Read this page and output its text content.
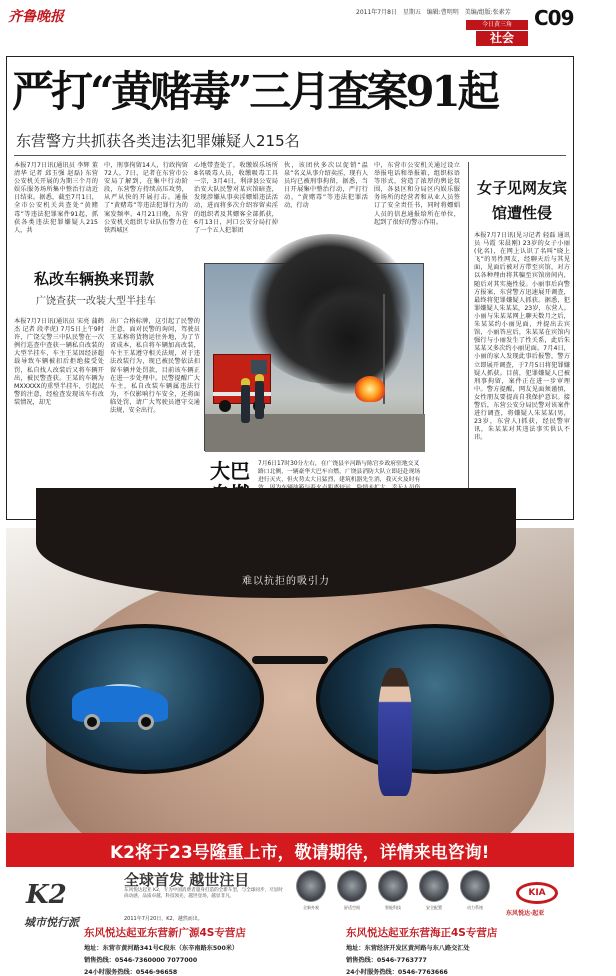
齐鲁晚报	2011年7月8日 星期五 编辑:曹明明 美编/组版:张素芳
今日黄三角
社会
C09
严打“黄赌毒”三月查案91起
东营警方共抓获各类违法犯罪嫌疑人215名
本报7月7日讯(通讯员 李辉 董清华 记者 邱玉强 赵磊) 东营公安机关开展的为期三个月的娱乐服务场所集中整治行动近日结束。据悉，截至7月1日，全市公安机关共查处“黄赌毒”等违法犯罪案件91起，抓获各类违法犯罪嫌疑人215人，共
中，刑事拘留14人，行政拘留72人。7日，记者在东营市公安局了解到，在集中行动阶段，东营警方持续高压攻势，从严从快的开展打击。通报了“黄赌毒”等违法犯罪行为的案发频率，4月21日晚，东营公安机关组织专业队伍警力在铁西城区
心地带查处了，收缴娱乐场所8名吸毒人员，收缴吸毒工具一宗，3月4日，利津县公安局治安大队民警对某宾馆暗查，发现涉嫌从事卖淫嫖娼违法活动，进而将多次介绍容留卖淫的组织者及其嫖客全部抓获，6月13日，河口公安分局打掉了一个五人犯罪团
伙，该团伙多次以促销“温泉”名义从事介绍卖淫，现有人员均已被刑事拘留，据悉，当日开展集中整治行动，严打行动，“黄赌毒”等违法犯罪活动，行动
中，东营市公安机关通过设立举报电话和举报箱，组织标语等形式，营造了浓厚的舆论氛围，各县区和分局区内娱乐服务场所的经营者和从业人员签订了安全责任书，同时将嫖娼人员的信息通报给所在单位，起到了很好的警示作用。
私改车辆换来罚款
广饶查获一改装大型半挂车
本报7月7日讯(通讯员 宋亮 蒲鹤杰 记者 段孝虎) 7月5日上午9时许，广饶交警三中队民警在一次例行巡查中查获一辆私自改装的大型半挂车，车主王某因经济超载导致车辆被扣后拒绝接受处罚，私自找人改装后又将车辆开出，被民警查获。王某的车辆为MXXXXX的重型半挂车，引起民警的注意，经检查发现该车有改装情况，却无
出厂合格标牌，这引起了民警的注意，面对民警的询问，驾驶员王某称将货物运往外地，为了节省成本，私自将车辆加高改装，车主王某遵守相关法规，对于违法改装行为，现已被民警依法扣留车辆并处罚款，目前该车辆正在进一步处理中。民警提醒广大车主，私自改装车辆属违法行为，不仅影响行车安全，还将面临处罚，请广大驾驶员遵守交通法规，安全出行。
大巴	7月6日17时30分左右，在广饶县辛河路与陈官乡政府驻地交叉路口北侧，一辆豪华大巴车自燃，广饶县消防大队立即赶赴现场进行灭火，但火势太大且猛烈，建筑机器先生消，我灭火及时有
女子见网友宾馆遭性侵
本报7月7日讯(见习记者 轻磊 通讯员 马霞 宋晨刚) 23岁的女子小丽(化名)，在网上认识了名叫“晓上飞”的男性网友，经聊天后与其见面，见面后被对方带至宾馆，对方以各种理由将其骗至宾馆房间内，随后对其实施性侵。小丽事后向警方报案，东营警方迅速展开调查，最终将犯罪嫌疑人抓获。据悉，犯罪嫌疑人朱某某，23岁，东营人。小丽与朱某某网上聊天数月之后，朱某某约小丽见面，并提出去宾馆，小丽答应后，朱某某在宾馆内强行与小丽发生了性关系，此后朱某某又多次约小丽见面。7月4日，小丽的家人发现此事后报警，警方立即展开调查，于7月5日将犯罪嫌疑人抓获。目前，犯罪嫌疑人已被刑事拘留，案件正在进一步审理中。警方提醒，网友见面须谨慎，女性朋友要提高自我保护意识。接警后，东营公安分局民警对该案件进行调查，将嫌疑人朱某某(男，23岁，东营人)抓获，经民警审讯，朱某某对其违法事实供认不讳。
难以抗拒的吸引力
K2将于23号隆重上市，敬请期待，详情来电咨询!
K2
城市悦行派
全球首发 越世注目
东风悦达起亚 K2，专为中国消费者量身打造的全新车型，与全球同步，尽显时尚动感，品质卓越，科技领先，越世登场，越显非凡。
2011年7月20日，K2，越然而出。
全新外观	舒适空间	智能科技	安全配置	动力系统
KIA
东风悦达·起亚
东风悦达起亚东营新广源4S专营店
地址：东营市黄河路341号C段东（东辛南路东500米）
销售热线：0546-7360000 7077000
24小时服务热线：0546-96658
东风悦达起亚东营海正4S专营店
地址：东营经济开发区黄河路与东八路交汇处
销售热线：0546-7763777
24小时服务热线：0546-7763666
